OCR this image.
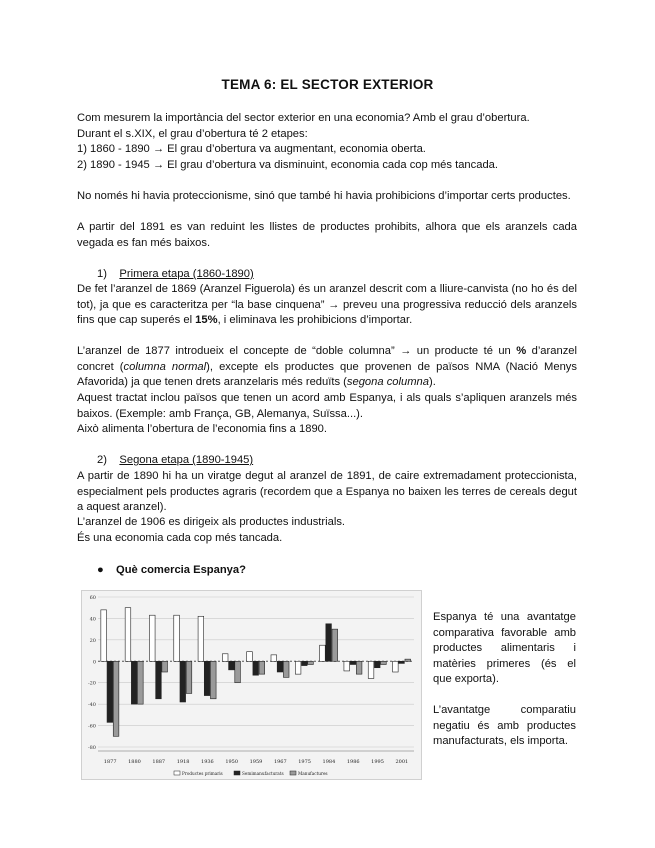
TEMA 6: EL SECTOR EXTERIOR
Com mesurem la importància del sector exterior en una economia? Amb el grau d’obertura.
Durant el s.XIX, el grau d’obertura té 2 etapes:
1) 1860 - 1890 → El grau d’obertura va augmentant, economia oberta.
2) 1890 - 1945 → El grau d’obertura va disminuint, economia cada cop més tancada.

No només hi havia proteccionisme, sinó que també hi havia prohibicions d’importar certs productes.

A partir del 1891 es van reduint les llistes de productes prohibits, alhora que els aranzels cada vegada es fan més baixos.

1) Primera etapa (1860-1890)

De fet l’aranzel de 1869 (Aranzel Figuerola) és un aranzel descrit com a lliure-canvista (no ho és del tot), ja que es caracteritza per “la base cinquena” → preveu una progressiva reducció dels aranzels fins que cap superés el 15%, i eliminava les prohibicions d’importar.

L’aranzel de 1877 introdueix el concepte de “doble columna” → un producte té un % d’aranzel concret (columna normal), excepte els productes que provenen de països NMA (Nació Menys Afavorida) ja que tenen drets aranzelaris més reduïts (segona columna).

Aquest tractat inclou països que tenen un acord amb Espanya, i als quals s’apliquen aranzels més baixos. (Exemple: amb França, GB, Alemanya, Suïssa...).

Això alimenta l’obertura de l’economia fins a 1890.

2) Segona etapa (1890-1945)

A partir de 1890 hi ha un viratge degut al aranzel de 1891, de caire extremadament proteccionista, especialment pels productes agraris (recordem que a Espanya no baixen les terres de cereals degut a aquest aranzel).

L’aranzel de 1906 es dirigeix als productes industrials.

És una economia cada cop més tancada.

● Què comercia Espanya?
60
40
20
0
-20
-40
-60
-80
1877 1880 1887 1918 1936 1950 1959 1967 1975 1984 1986 1995 2001
Productes primaris	Semimanufacturats	Manufactures
Espanya té una avantatge
comparativa favorable amb
productes alimentaris i
matèries primeres (és el
que exporta).
L’avantatge comparatiu
negatiu és amb productes
manufacturats, els importa.
